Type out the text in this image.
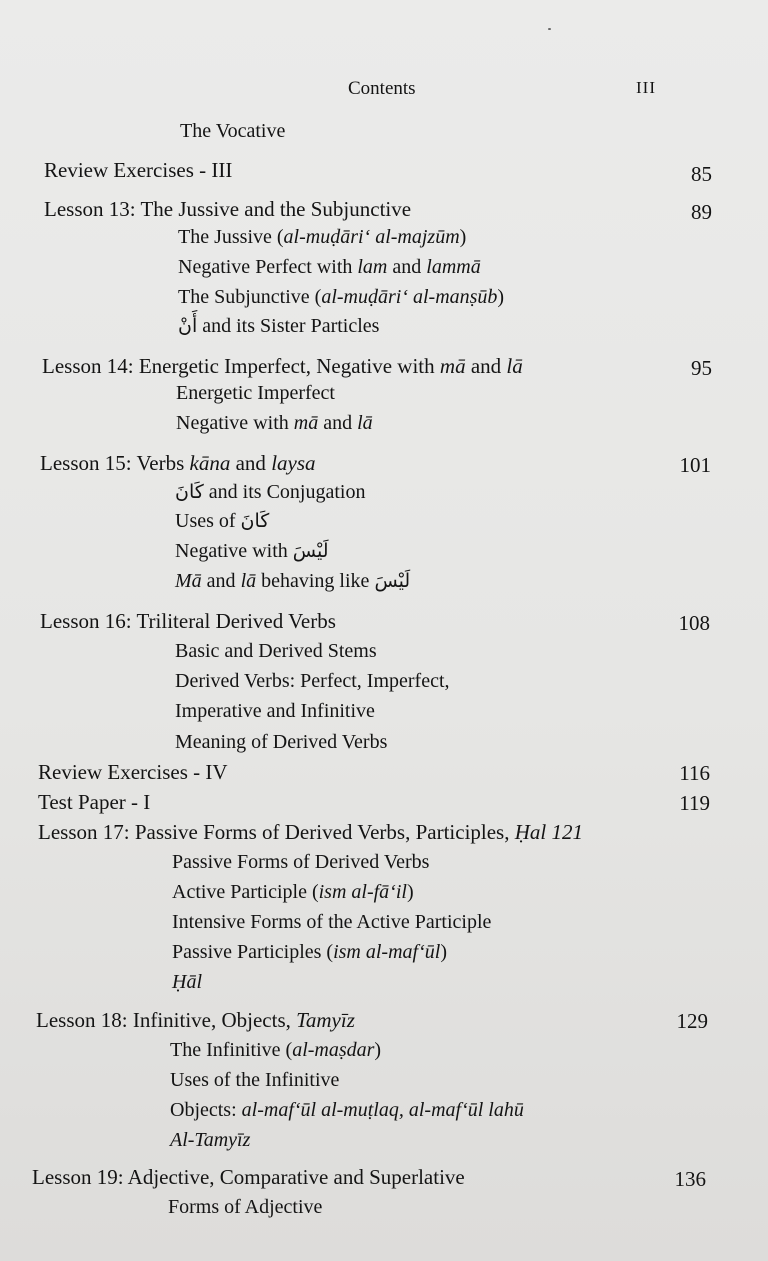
Contents	III
The Vocative
Review Exercises - III	85
Lesson 13: The Jussive and the Subjunctive	89
The Jussive (al-muḍāri‘ al-majzūm)
Negative Perfect with lam and lammā
The Subjunctive (al-muḍāri‘ al-manṣūb)
أَنْ and its Sister Particles
Lesson 14: Energetic Imperfect, Negative with mā and lā	95
Energetic Imperfect
Negative with mā and lā
Lesson 15: Verbs kāna and laysa	101
كَانَ and its Conjugation
Uses of كَانَ
Negative with لَيْسَ
Mā and lā behaving like لَيْسَ
Lesson 16: Triliteral Derived Verbs	108
Basic and Derived Stems
Derived Verbs: Perfect, Imperfect,
Imperative and Infinitive
Meaning of Derived Verbs
Review Exercises - IV	116
Test Paper - I	119
Lesson 17: Passive Forms of Derived Verbs, Participles, Ḥal 121
Passive Forms of Derived Verbs
Active Participle (ism al-fā‘il)
Intensive Forms of the Active Participle
Passive Participles (ism al-maf‘ūl)
Ḥāl
Lesson 18: Infinitive, Objects, Tamyīz	129
The Infinitive (al-maṣdar)
Uses of the Infinitive
Objects: al-maf‘ūl al-muṭlaq, al-maf‘ūl lahū
Al-Tamyīz
Lesson 19: Adjective, Comparative and Superlative	136
Forms of Adjective
